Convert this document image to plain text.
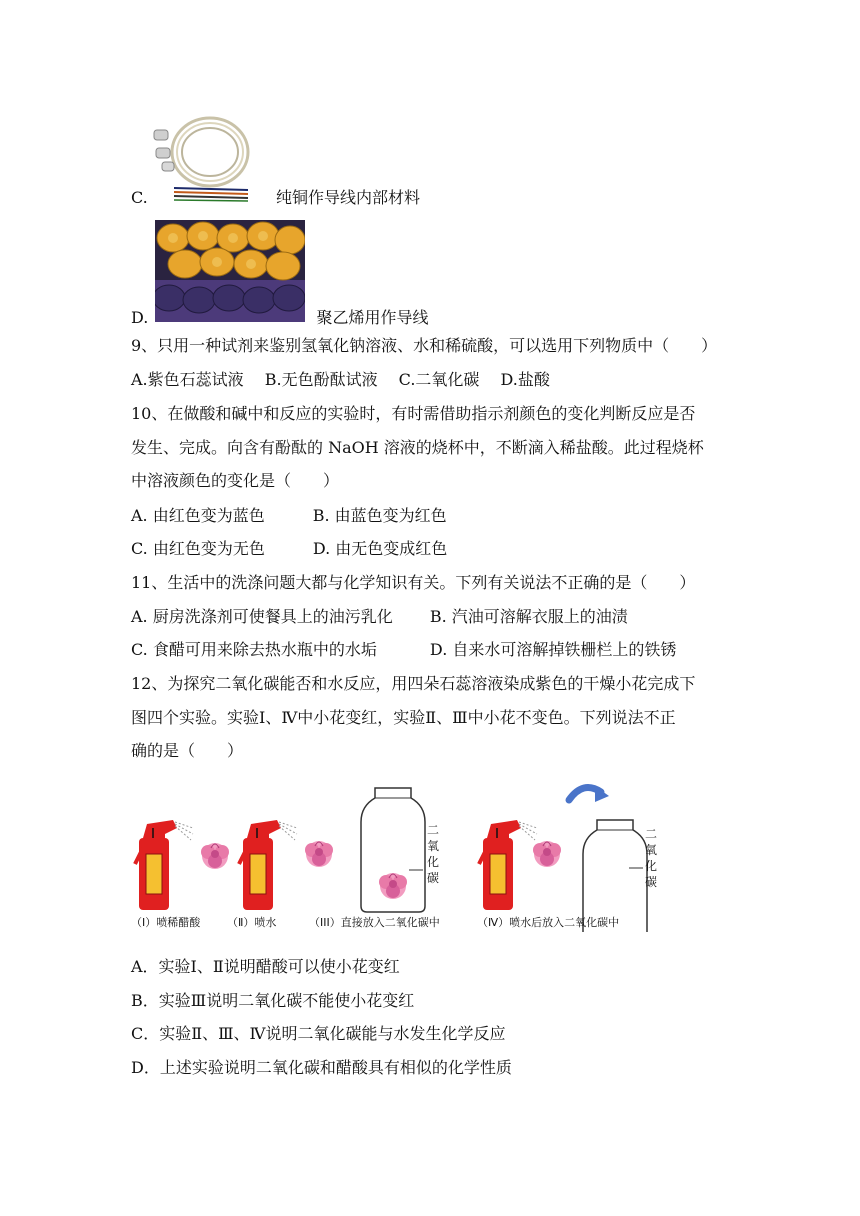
C.	纯铜作导线内部材料
D.	聚乙烯用作导线
9、只用一种试剂来鉴别氢氧化钠溶液、水和稀硫酸，可以选用下列物质中（　　）
A.紫色石蕊试液　 B.无色酚酞试液　 C.二氧化碳　 D.盐酸
10、在做酸和碱中和反应的实验时，有时需借助指示剂颜色的变化判断反应是否
发生、完成。向含有酚酞的 NaOH 溶液的烧杯中，不断滴入稀盐酸。此过程烧杯
中溶液颜色的变化是（　　）
A. 由红色变为蓝色　　　B. 由蓝色变为红色
C. 由红色变为无色　　　D. 由无色变成红色
11、生活中的洗涤问题大都与化学知识有关。下列有关说法不正确的是（　　）
A. 厨房洗涤剂可使餐具上的油污乳化　　 B. 汽油可溶解衣服上的油渍
C. 食醋可用来除去热水瓶中的水垢　　　 D. 自来水可溶解掉铁栅栏上的铁锈
12、为探究二氧化碳能否和水反应，用四朵石蕊溶液染成紫色的干燥小花完成下
图四个实验。实验Ⅰ、Ⅳ中小花变红，实验Ⅱ、Ⅲ中小花不变色。下列说法不正
确的是（　　）
二
氧
化
碳
二
氧
化
碳
（I）喷稀醋酸 （Ⅱ）喷水	（III）直接放入二氧化碳中	（Ⅳ）喷水后放入二氧化碳中
A．实验Ⅰ、Ⅱ说明醋酸可以使小花变红
B．实验Ⅲ说明二氧化碳不能使小花变红
C．实验Ⅱ、Ⅲ、Ⅳ说明二氧化碳能与水发生化学反应
D．上述实验说明二氧化碳和醋酸具有相似的化学性质
